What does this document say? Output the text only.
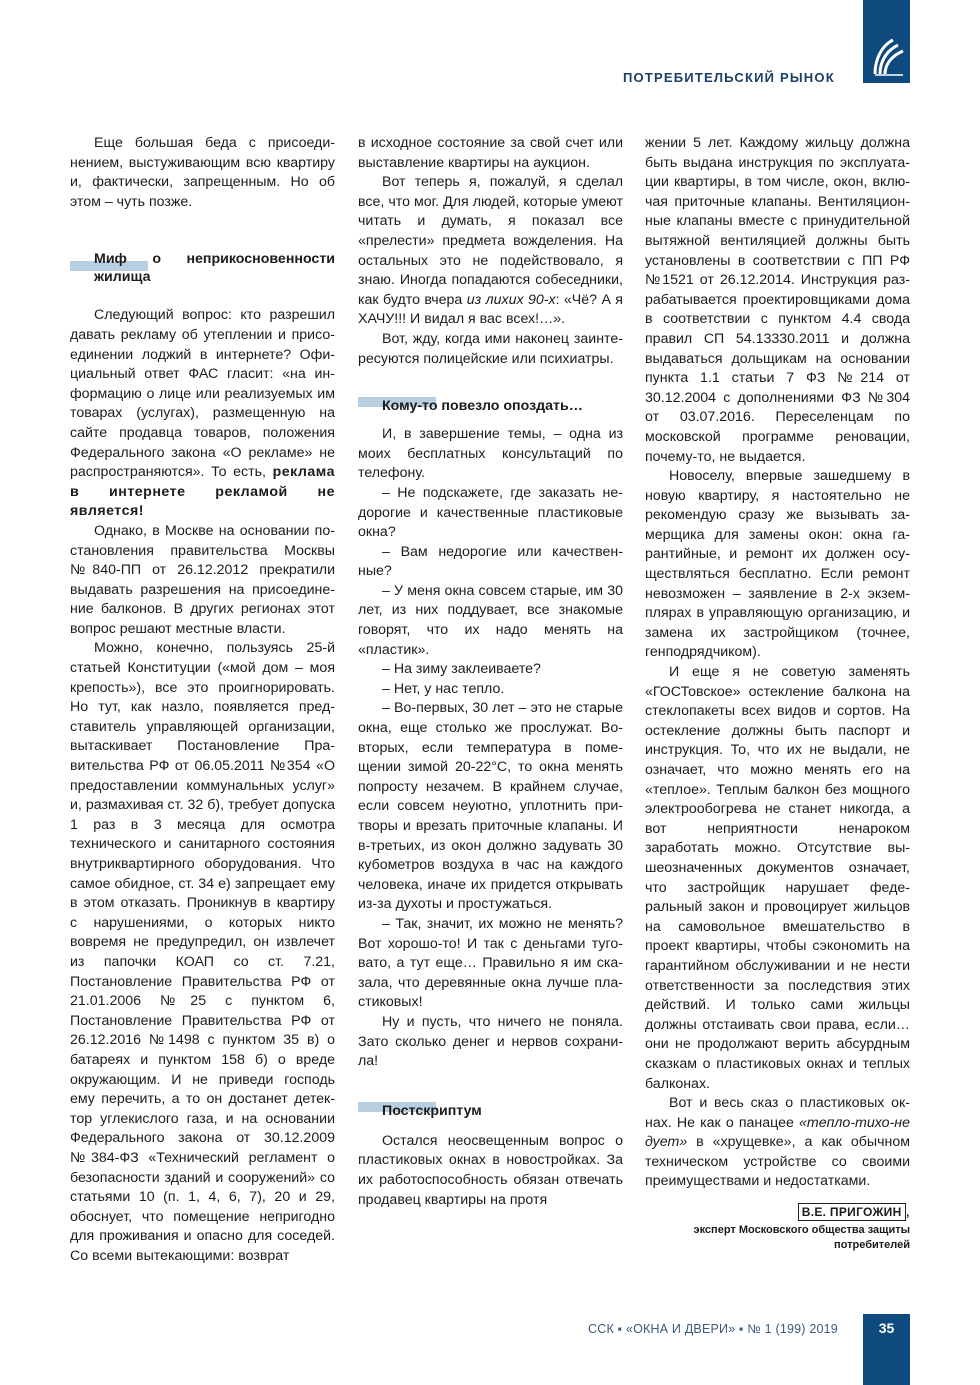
ПОТРЕБИТЕЛЬСКИЙ РЫНОК

Еще большая беда с присоединением, выстуживающим всю квартиру и, фактически, запрещенным. Но об этом – чуть позже.

Миф о неприкосновенности жилища

Следующий вопрос: кто разрешил давать рекламу об утеплении и присоединении лоджий в интернете? Официальный ответ ФАС гласит: «на информацию о лице или реализуемых им товарах (услугах), размещенную на сайте продавца товаров, положения Федерального закона «О рекламе» не распространяются». То есть, реклама в интернете рекламой не является!

Однако, в Москве на основании постановления правительства Москвы №840-ПП от 26.12.2012 прекратили выдавать разрешения на присоединение балконов. В других регионах этот вопрос решают местные власти.

Можно, конечно, пользуясь 25-й статьей Конституции («мой дом – моя крепость»), все это проигнорировать. Но тут, как назло, появляется представитель управляющей организации, вытаскивает Постановление Правительства РФ от 06.05.2011 №354 «О предоставлении коммунальных услуг» и, размахивая ст. 32 б), требует допуска 1 раз в 3 месяца для осмотра технического и санитарного состояния внутриквартирного оборудования. Что самое обидное, ст. 34 е) запрещает ему в этом отказать. Проникнув в квартиру с нарушениями, о которых никто вовремя не предупредил, он извлечет из папочки КОАП со ст. 7.21, Постановление Правительства РФ от 21.01.2006 №25 с пунктом 6, Постановление Правительства РФ от 26.12.2016 №1498 с пунктом 35 в) о батареях и пунктом 158 б) о вреде окружающим. И не приведи господь ему перечить, а то он достанет детектор углекислого газа, и на основании Федерального закона от 30.12.2009 №384-ФЗ «Технический регламент о безопасности зданий и сооружений» со статьями 10 (п. 1, 4, 6, 7), 20 и 29, обоснует, что помещение непригодно для проживания и опасно для соседей. Со всеми вытекающими: возврат

в исходное состояние за свой счет или выставление квартиры на аукцион.

Вот теперь я, пожалуй, я сделал все, что мог. Для людей, которые умеют читать и думать, я показал все «прелести» предмета вожделения. На остальных это не подействовало, я знаю. Иногда попадаются собеседники, как будто вчера из лихих 90-х: «Чё? А я ХАЧУ!!! И видал я вас всех!…».

Вот, жду, когда ими наконец заинтересуются полицейские или психиатры.

Кому-то повезло опоздать…

И, в завершение темы, – одна из моих бесплатных консультаций по телефону.

– Не подскажете, где заказать недорогие и качественные пластиковые окна?

– Вам недорогие или качественные?

– У меня окна совсем старые, им 30 лет, из них поддувает, все знакомые говорят, что их надо менять на «пластик».

– На зиму заклеиваете?

– Нет, у нас тепло.

– Во-первых, 30 лет – это не старые окна, еще столько же прослужат. Во-вторых, если температура в помещении зимой 20-22°C, то окна менять попросту незачем. В крайнем случае, если совсем неуютно, уплотнить притворы и врезать приточные клапаны. И в-третьих, из окон должно задувать 30 кубометров воздуха в час на каждого человека, иначе их придется открывать из-за духоты и простужаться.

– Так, значит, их можно не менять? Вот хорошо-то! И так с деньгами туговато, а тут еще… Правильно я им сказала, что деревянные окна лучше пластиковых!

Ну и пусть, что ничего не поняла. Зато сколько денег и нервов сохранила!

Постскриптум

Остался неосвещенным вопрос о пластиковых окнах в новостройках. За их работоспособность обязан отвечать продавец квартиры на протя

жении 5 лет. Каждому жильцу должна быть выдана инструкция по эксплуатации квартиры, в том числе, окон, включая приточные клапаны. Вентиляционные клапаны вместе с принудительной вытяжной вентиляцией должны быть установлены в соответствии с ПП РФ №1521 от 26.12.2014. Инструкция разрабатывается проектировщиками дома в соответствии с пунктом 4.4 свода правил СП 54.13330.2011 и должна выдаваться дольщикам на основании пункта 1.1 статьи 7 ФЗ №214 от 30.12.2004 с дополнениями ФЗ №304 от 03.07.2016. Переселенцам по московской программе реновации, почему-то, не выдается.

Новоселу, впервые зашедшему в новую квартиру, я настоятельно не рекомендую сразу же вызывать замерщика для замены окон: окна гарантийные, и ремонт их должен осуществляться бесплатно. Если ремонт невозможен – заявление в 2-х экземплярах в управляющую организацию, и замена их застройщиком (точнее, генподрядчиком).

И еще я не советую заменять «ГОСТовское» остекление балкона на стеклопакеты всех видов и сортов. На остекление должны быть паспорт и инструкция. То, что их не выдали, не означает, что можно менять его на «теплое». Теплым балкон без мощного электрообогрева не станет никогда, а вот неприятности ненароком заработать можно. Отсутствие вышеозначенных документов означает, что застройщик нарушает федеральный закон и провоцирует жильцов на самовольное вмешательство в проект квартиры, чтобы сэкономить на гарантийном обслуживании и не нести ответственности за последствия этих действий. И только сами жильцы должны отстаивать свои права, если… они не продолжают верить абсурдным сказкам о пластиковых окнах и теплых балконах.

Вот и весь сказ о пластиковых окнах. Не как о панацее «тепло-тихо-не дует» в «хрущевке», а как обычном техническом устройстве со своими преимуществами и недостатками.

В.Е. ПРИГОЖИН ,
эксперт Московского общества защиты
потребителей
ССК ▪ «ОКНА И ДВЕРИ» ▪ № 1 (199) 2019	35
